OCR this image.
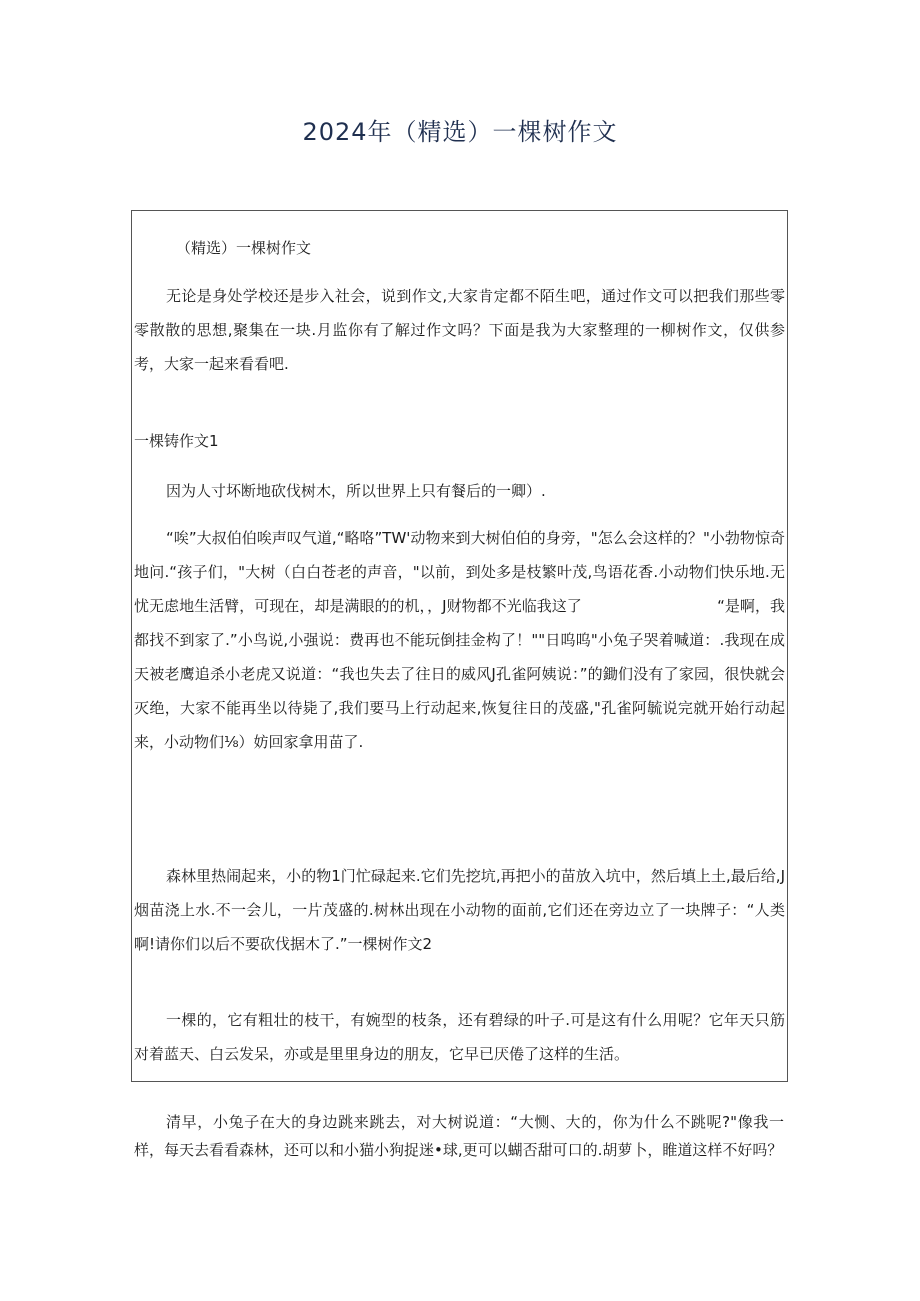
2024年（精选）一棵树作文

（精选）一棵树作文

无论是身处学校还是步入社会，说到作文,大家肯定都不陌生吧，通过作文可以把我们那些零零散散的思想,聚集在一块.月监你有了解过作文吗？下面是我为大家整理的一柳树作文，仅供参考，大家一起来看看吧.

一棵铸作文1

因为人寸坏断地砍伐树木，所以世界上只有餐后的一卿）.

“唉”大叔伯伯唉声叹气道,“略咯”TW'动物来到大树伯伯的身旁，"怎么会这样的？"小勃物惊奇地问.“孩子们，"大树（白白苍老的声音，"以前，到处多是枝繁叶茂,鸟语花香.小动物们快乐地.无忧无虑地生活臂，可现在，却是满眼的的机，，J财物都不光临我这了　　　　　　　　　“是啊，我都找不到家了.”小鸟说,小强说：费再也不能玩倒挂金构了！""日呜呜"小兔子哭着喊道：.我现在成天被老鹰追杀小老虎又说道：“我也失去了往日的威风J孔雀阿姨说：”的鋤们没有了家园，很快就会灭绝，大家不能再坐以待毙了,我们要马上行动起来,恢复往日的茂盛,"孔雀阿毓说完就开始行动起来，小动物们⅛）妨回家拿用苗了.

森林里热闹起来，小的物1门忙碌起来.它们先挖坑,再把小的苗放入坑中，然后填上土,最后给,J烟苗浇上水.不一会儿，一片茂盛的.树林出现在小动物的面前,它们还在旁边立了一块牌子：“人类啊!请你们以后不要砍伐据木了.”一棵树作文2

一棵的，它有粗壮的枝干，有婉型的枝条，还有碧绿的叶子.可是这有什么用呢？它年天只筋对着蓝天、白云发呆，亦或是里里身边的朋友，它早已厌倦了这样的生活。

清早，小兔子在大的身边跳来跳去，对大树说道：“大恻、大的，你为什么不跳呢?"像我一样，每天去看看森林，还可以和小猫小狗捉迷•球,更可以蝴否甜可口的.胡萝卜，睢道这样不好吗？
